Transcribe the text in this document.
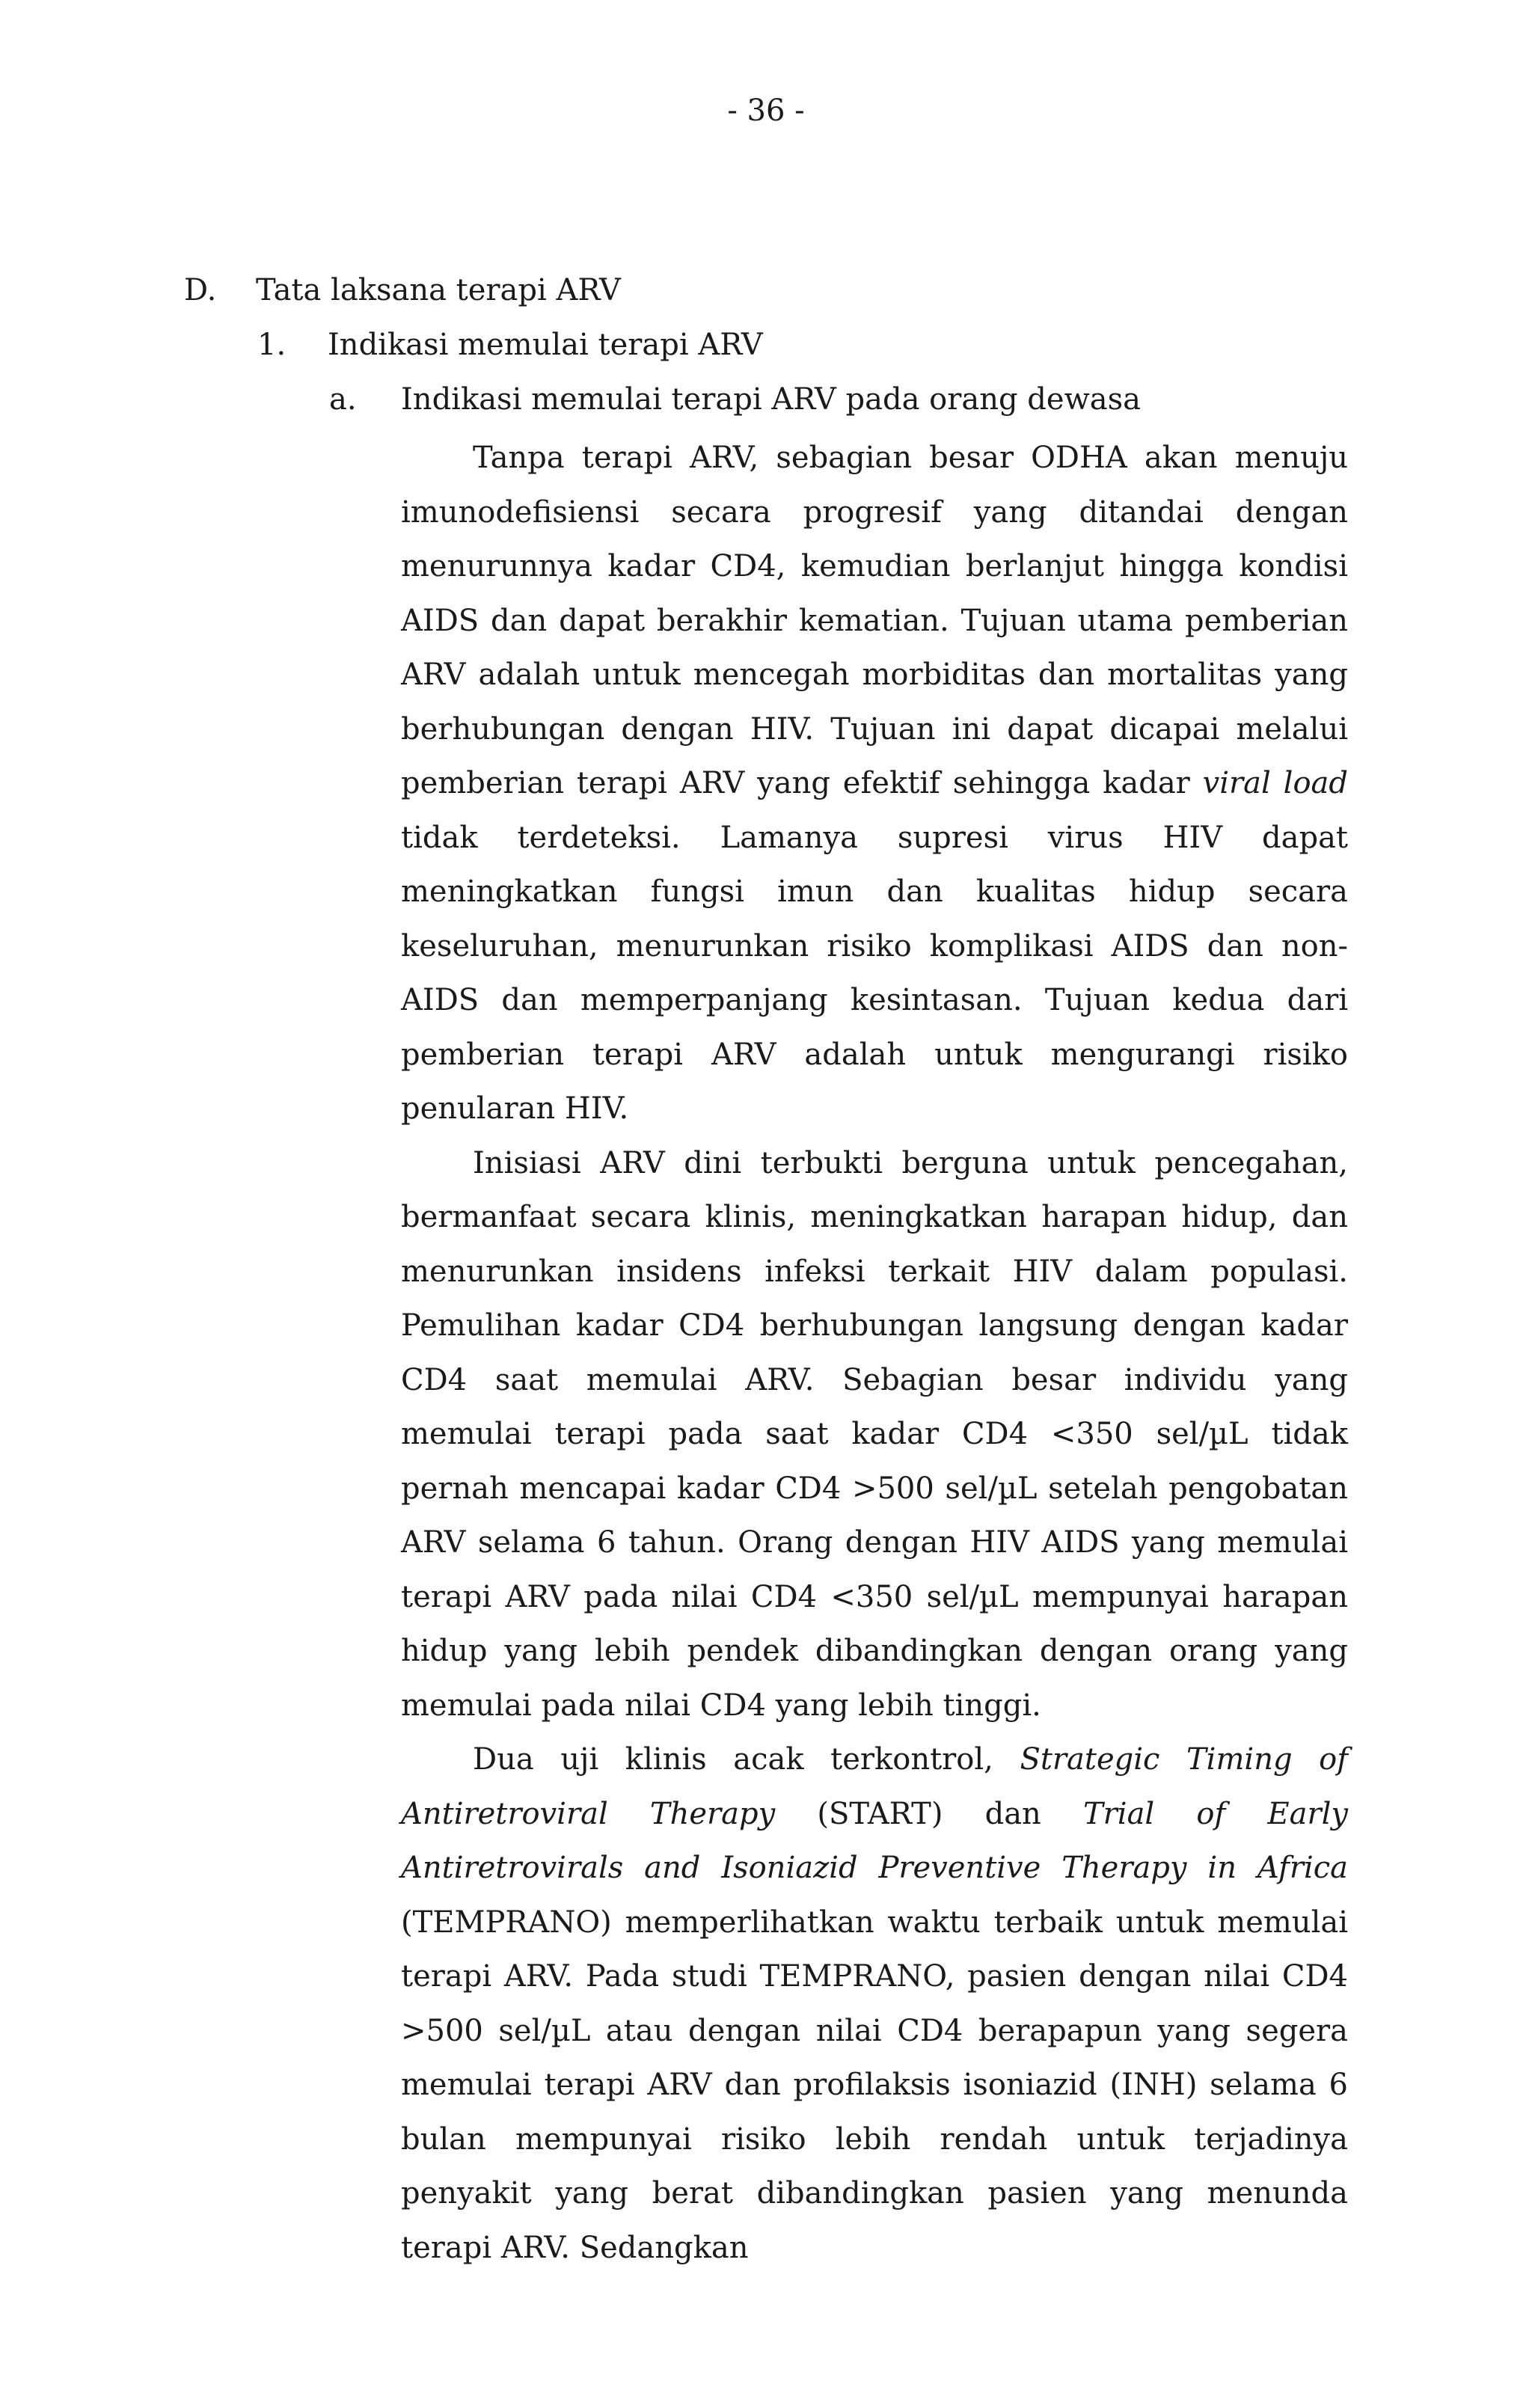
- 36 -
D. Tata laksana terapi ARV
1. Indikasi memulai terapi ARV
a. Indikasi memulai terapi ARV pada orang dewasa

Tanpa terapi ARV, sebagian besar ODHA akan menuju imunodefisiensi secara progresif yang ditandai dengan menurunnya kadar CD4, kemudian berlanjut hingga kondisi AIDS dan dapat berakhir kematian. Tujuan utama pemberian ARV adalah untuk mencegah morbiditas dan mortalitas yang berhubungan dengan HIV. Tujuan ini dapat dicapai melalui pemberian terapi ARV yang efektif sehingga kadar viral load tidak terdeteksi. Lamanya supresi virus HIV dapat meningkatkan fungsi imun dan kualitas hidup secara keseluruhan, menurunkan risiko komplikasi AIDS dan non-AIDS dan memperpanjang kesintasan. Tujuan kedua dari pemberian terapi ARV adalah untuk mengurangi risiko penularan HIV.

Inisiasi ARV dini terbukti berguna untuk pencegahan, bermanfaat secara klinis, meningkatkan harapan hidup, dan menurunkan insidens infeksi terkait HIV dalam populasi. Pemulihan kadar CD4 berhubungan langsung dengan kadar CD4 saat memulai ARV. Sebagian besar individu yang memulai terapi pada saat kadar CD4 <350 sel/µL tidak pernah mencapai kadar CD4 >500 sel/µL setelah pengobatan ARV selama 6 tahun. Orang dengan HIV AIDS yang memulai terapi ARV pada nilai CD4 <350 sel/µL mempunyai harapan hidup yang lebih pendek dibandingkan dengan orang yang memulai pada nilai CD4 yang lebih tinggi.

Dua uji klinis acak terkontrol, Strategic Timing of Antiretroviral Therapy (START) dan Trial of Early Antiretrovirals and Isoniazid Preventive Therapy in Africa (TEMPRANO) memperlihatkan waktu terbaik untuk memulai terapi ARV. Pada studi TEMPRANO, pasien dengan nilai CD4 >500 sel/µL atau dengan nilai CD4 berapapun yang segera memulai terapi ARV dan profilaksis isoniazid (INH) selama 6 bulan mempunyai risiko lebih rendah untuk terjadinya penyakit yang berat dibandingkan pasien yang menunda terapi ARV. Sedangkan
